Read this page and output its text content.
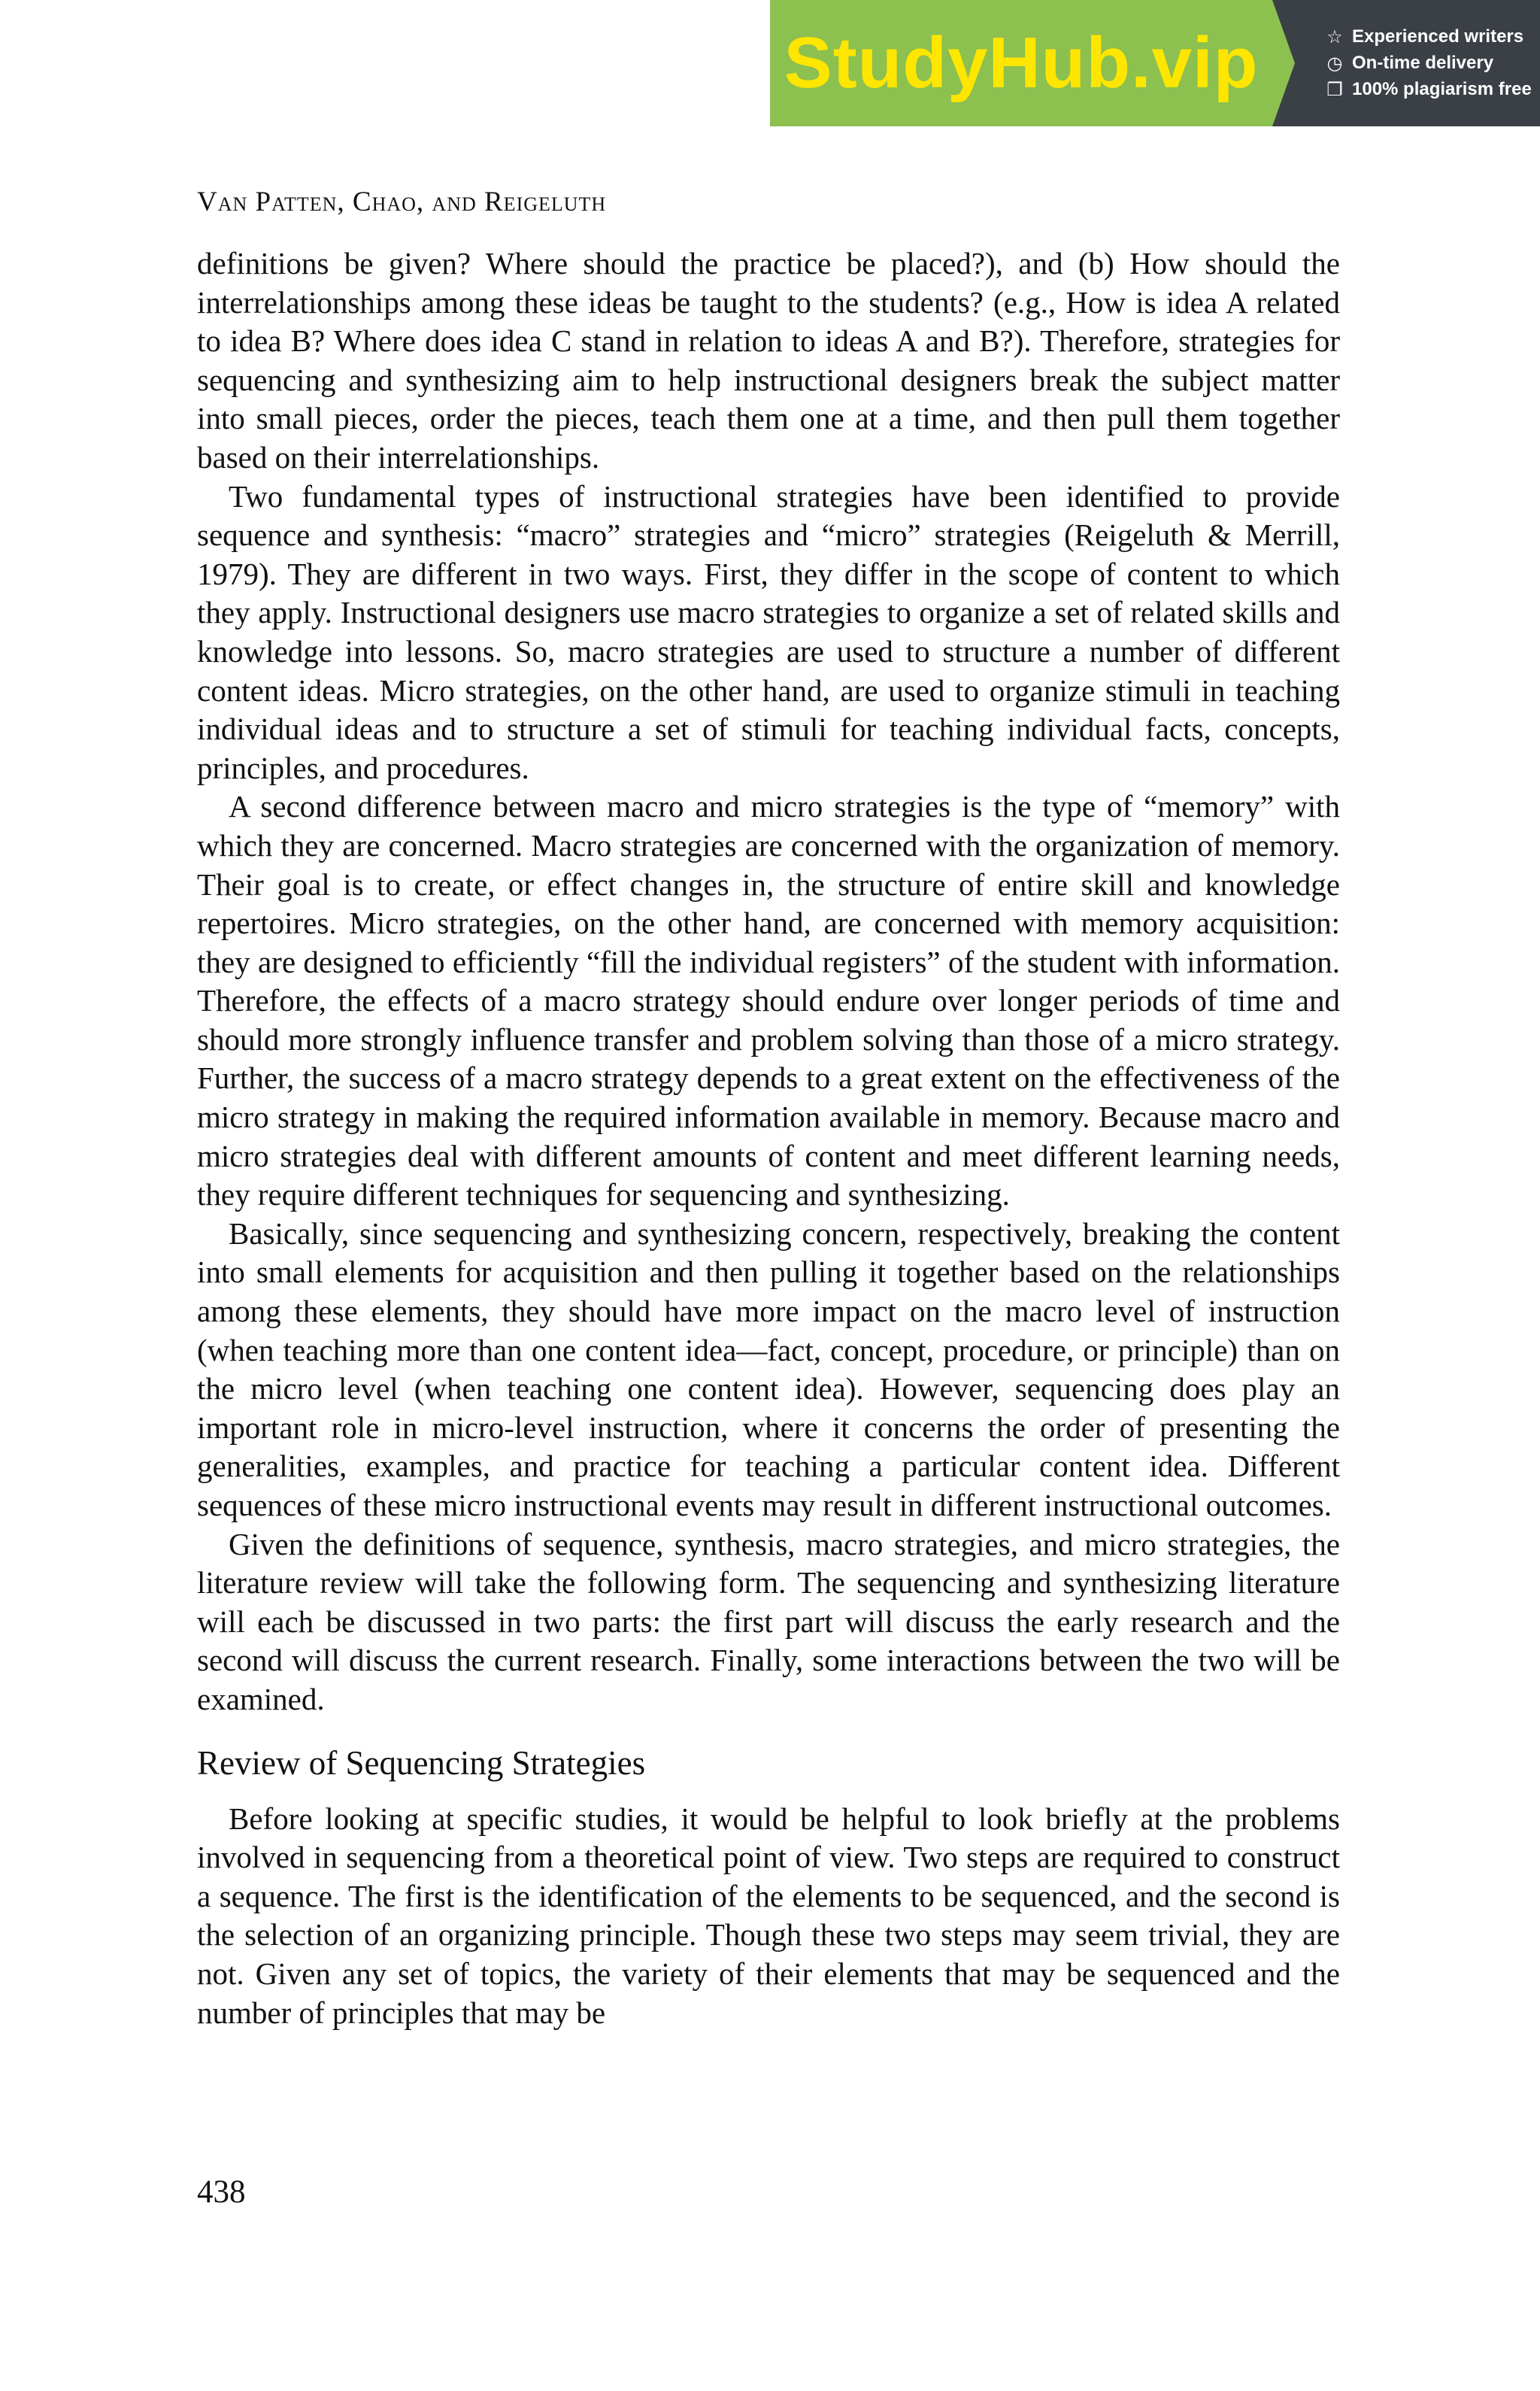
StudyHub.vip	☆ Experienced writers
◷ On-time delivery
❐ 100% plagiarism free
Van Patten, Chao, and Reigeluth

definitions be given? Where should the practice be placed?), and (b) How should the interrelationships among these ideas be taught to the students? (e.g., How is idea A related to idea B? Where does idea C stand in relation to ideas A and B?). Therefore, strategies for sequencing and synthesizing aim to help instructional designers break the subject matter into small pieces, order the pieces, teach them one at a time, and then pull them together based on their interrelationships.

Two fundamental types of instructional strategies have been identified to provide sequence and synthesis: “macro” strategies and “micro” strategies (Reigeluth & Merrill, 1979). They are different in two ways. First, they differ in the scope of content to which they apply. Instructional designers use macro strategies to organize a set of related skills and knowledge into lessons. So, macro strategies are used to structure a number of different content ideas. Micro strategies, on the other hand, are used to organize stimuli in teaching individual ideas and to structure a set of stimuli for teaching individual facts, concepts, principles, and procedures.

A second difference between macro and micro strategies is the type of “memory” with which they are concerned. Macro strategies are concerned with the organization of memory. Their goal is to create, or effect changes in, the structure of entire skill and knowledge repertoires. Micro strategies, on the other hand, are concerned with memory acquisition: they are designed to efficiently “fill the individual registers” of the student with information. Therefore, the effects of a macro strategy should endure over longer periods of time and should more strongly influence transfer and problem solving than those of a micro strategy. Further, the success of a macro strategy depends to a great extent on the effectiveness of the micro strategy in making the required information available in memory. Because macro and micro strategies deal with different amounts of content and meet different learning needs, they require different techniques for sequencing and synthesizing.

Basically, since sequencing and synthesizing concern, respectively, breaking the content into small elements for acquisition and then pulling it together based on the relationships among these elements, they should have more impact on the macro level of instruction (when teaching more than one content idea—fact, concept, procedure, or principle) than on the micro level (when teaching one content idea). However, sequencing does play an important role in micro-level instruction, where it concerns the order of presenting the generalities, examples, and practice for teaching a particular content idea. Different sequences of these micro instructional events may result in different instructional outcomes.

Given the definitions of sequence, synthesis, macro strategies, and micro strategies, the literature review will take the following form. The sequencing and synthesizing literature will each be discussed in two parts: the first part will discuss the early research and the second will discuss the current research. Finally, some interactions between the two will be examined.

Review of Sequencing Strategies

Before looking at specific studies, it would be helpful to look briefly at the problems involved in sequencing from a theoretical point of view. Two steps are required to construct a sequence. The first is the identification of the elements to be sequenced, and the second is the selection of an organizing principle. Though these two steps may seem trivial, they are not. Given any set of topics, the variety of their elements that may be sequenced and the number of principles that may be

438
